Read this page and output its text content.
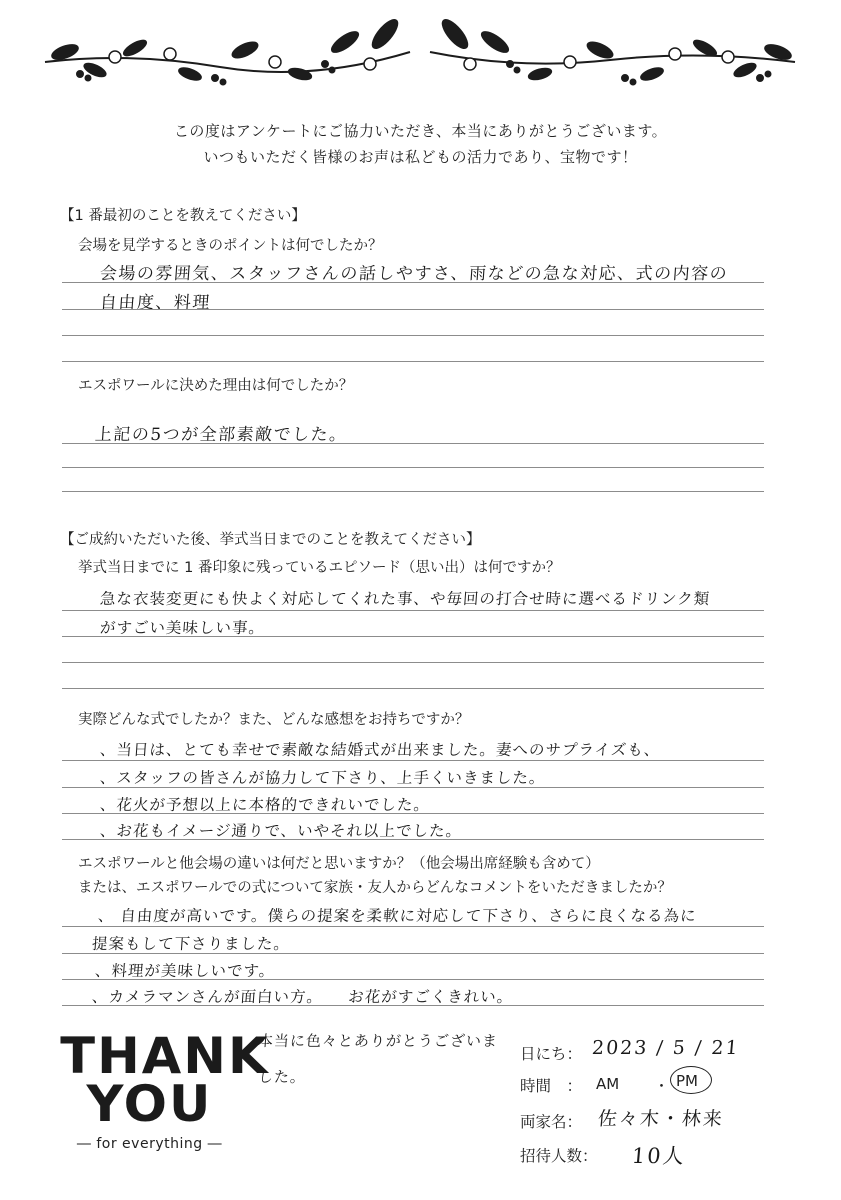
この度はアンケートにご協力いただき、本当にありがとうございます。
いつもいただく皆様のお声は私どもの活力であり、宝物です！
【1 番最初のことを教えてください】
会場を見学するときのポイントは何でしたか？
会場の雰囲気、スタッフさんの話しやすさ、雨などの急な対応、式の内容の
自由度、料理
エスポワールに決めた理由は何でしたか？
上記の5つが全部素敵でした。
【ご成約いただいた後、挙式当日までのことを教えてください】
挙式当日までに 1 番印象に残っているエピソード（思い出）は何ですか？
急な衣装変更にも快よく対応してくれた事、や毎回の打合せ時に選べるドリンク類
がすごい美味しい事。
実際どんな式でしたか？また、どんな感想をお持ちですか？
、当日は、とても幸せで素敵な結婚式が出来ました。妻へのサプライズも、
、スタッフの皆さんが協力して下さり、上手くいきました。
、花火が予想以上に本格的できれいでした。
、お花もイメージ通りで、いやそれ以上でした。
エスポワールと他会場の違いは何だと思いますか？（他会場出席経験も含めて）
または、エスポワールでの式について家族・友人からどんなコメントをいただきましたか？
、 自由度が高いです。僕らの提案を柔軟に対応して下さり、さらに良くなる為に
提案もして下さりました。
、料理が美味しいです。
、カメラマンさんが面白い方。　　お花がすごくきれい。
THANK
YOU
― for everything ―
本当に色々とありがとうございま
した。
日にち： 2023 / 5 / 21
時間　： AM ・ PM
両家名： 佐々木・林来
招待人数： 10人
